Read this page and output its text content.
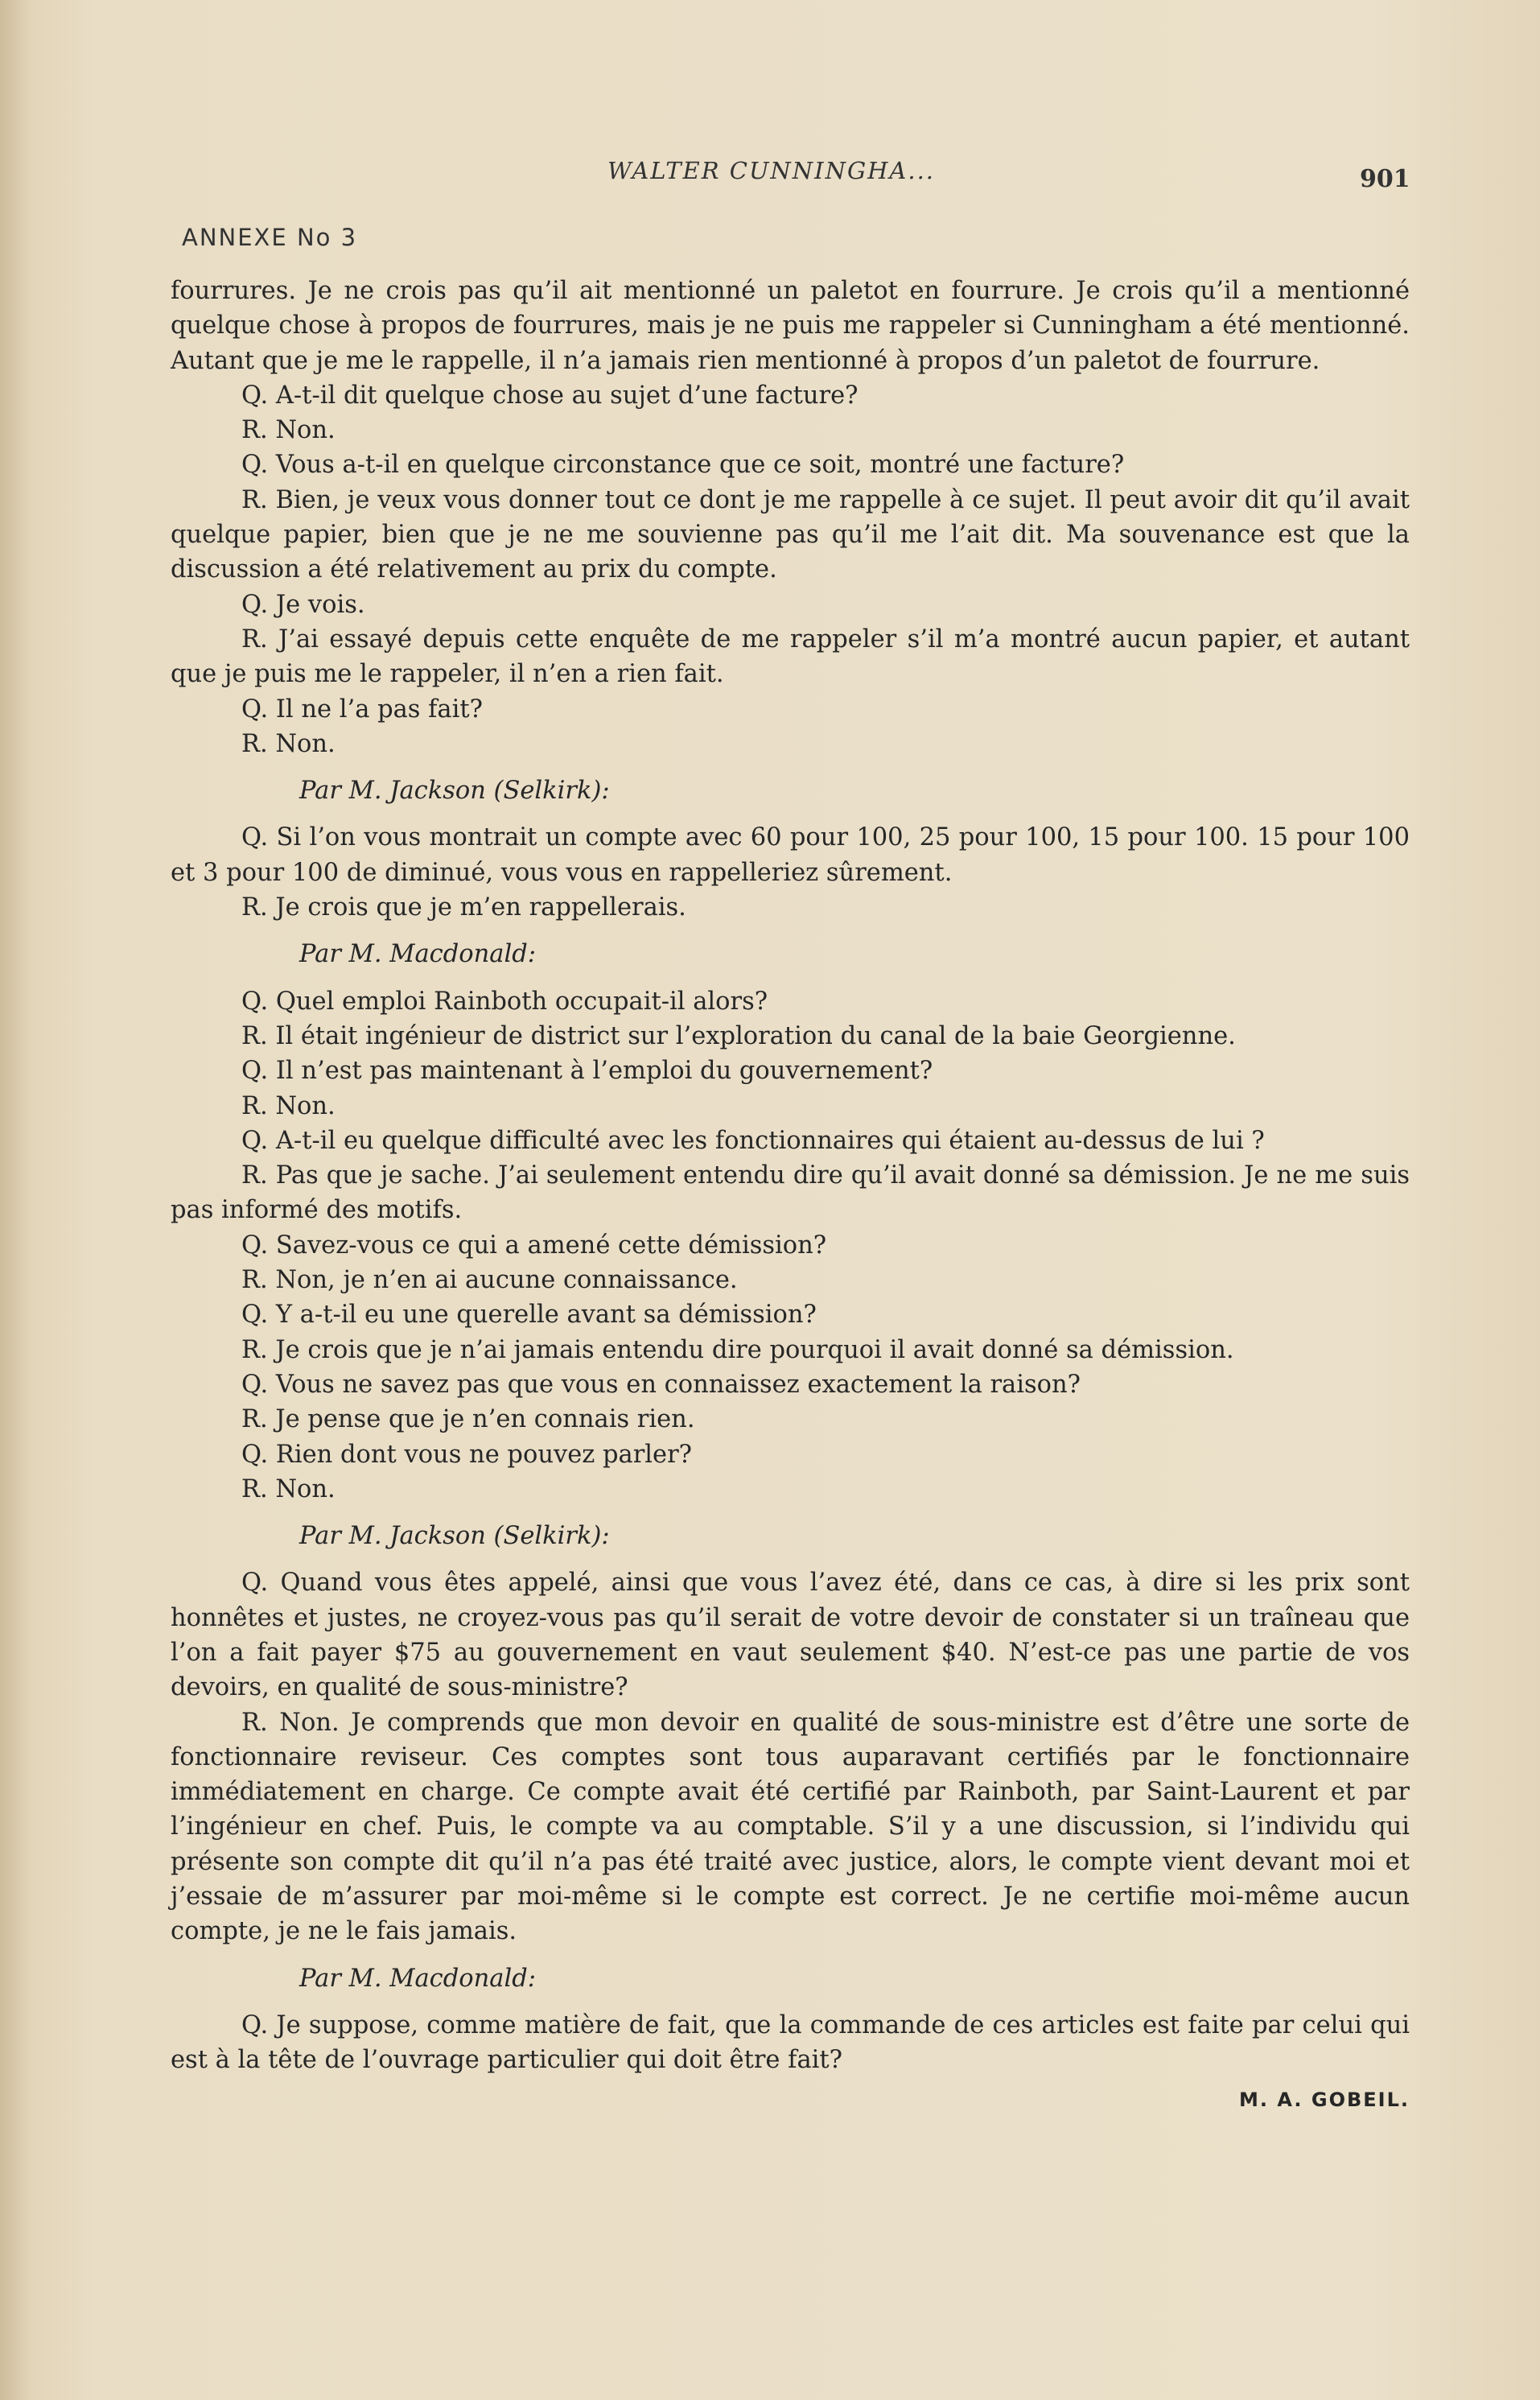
WALTER CUNNINGHA...	901
ANNEXE No 3

fourrures. Je ne crois pas qu’il ait mentionné un paletot en fourrure. Je crois qu’il a mentionné quelque chose à propos de fourrures, mais je ne puis me rappeler si Cunningham a été mentionné. Autant que je me le rappelle, il n’a jamais rien mentionné à propos d’un paletot de fourrure.

Q. A-t-il dit quelque chose au sujet d’une facture?

R. Non.

Q. Vous a-t-il en quelque circonstance que ce soit, montré une facture?

R. Bien, je veux vous donner tout ce dont je me rappelle à ce sujet. Il peut avoir dit qu’il avait quelque papier, bien que je ne me souvienne pas qu’il me l’ait dit. Ma souvenance est que la discussion a été relativement au prix du compte.

Q. Je vois.

R. J’ai essayé depuis cette enquête de me rappeler s’il m’a montré aucun papier, et autant que je puis me le rappeler, il n’en a rien fait.

Q. Il ne l’a pas fait?

R. Non.

Par M. Jackson (Selkirk):

Q. Si l’on vous montrait un compte avec 60 pour 100, 25 pour 100, 15 pour 100. 15 pour 100 et 3 pour 100 de diminué, vous vous en rappelleriez sûrement.

R. Je crois que je m’en rappellerais.

Par M. Macdonald:

Q. Quel emploi Rainboth occupait-il alors?

R. Il était ingénieur de district sur l’exploration du canal de la baie Georgienne.

Q. Il n’est pas maintenant à l’emploi du gouvernement?

R. Non.

Q. A-t-il eu quelque difficulté avec les fonctionnaires qui étaient au-dessus de lui ?

R. Pas que je sache. J’ai seulement entendu dire qu’il avait donné sa démission. Je ne me suis pas informé des motifs.

Q. Savez-vous ce qui a amené cette démission?

R. Non, je n’en ai aucune connaissance.

Q. Y a-t-il eu une querelle avant sa démission?

R. Je crois que je n’ai jamais entendu dire pourquoi il avait donné sa démission.

Q. Vous ne savez pas que vous en connaissez exactement la raison?

R. Je pense que je n’en connais rien.

Q. Rien dont vous ne pouvez parler?

R. Non.

Par M. Jackson (Selkirk):

Q. Quand vous êtes appelé, ainsi que vous l’avez été, dans ce cas, à dire si les prix sont honnêtes et justes, ne croyez-vous pas qu’il serait de votre devoir de constater si un traîneau que l’on a fait payer $75 au gouvernement en vaut seulement $40. N’est-ce pas une partie de vos devoirs, en qualité de sous-ministre?

R. Non. Je comprends que mon devoir en qualité de sous-ministre est d’être une sorte de fonctionnaire reviseur. Ces comptes sont tous auparavant certifiés par le fonctionnaire immédiatement en charge. Ce compte avait été certifié par Rainboth, par Saint-Laurent et par l’ingénieur en chef. Puis, le compte va au comptable. S’il y a une discussion, si l’individu qui présente son compte dit qu’il n’a pas été traité avec justice, alors, le compte vient devant moi et j’essaie de m’assurer par moi-même si le compte est correct. Je ne certifie moi-même aucun compte, je ne le fais jamais.

Par M. Macdonald:

Q. Je suppose, comme matière de fait, que la commande de ces articles est faite par celui qui est à la tête de l’ouvrage particulier qui doit être fait?

M. A. GOBEIL.
